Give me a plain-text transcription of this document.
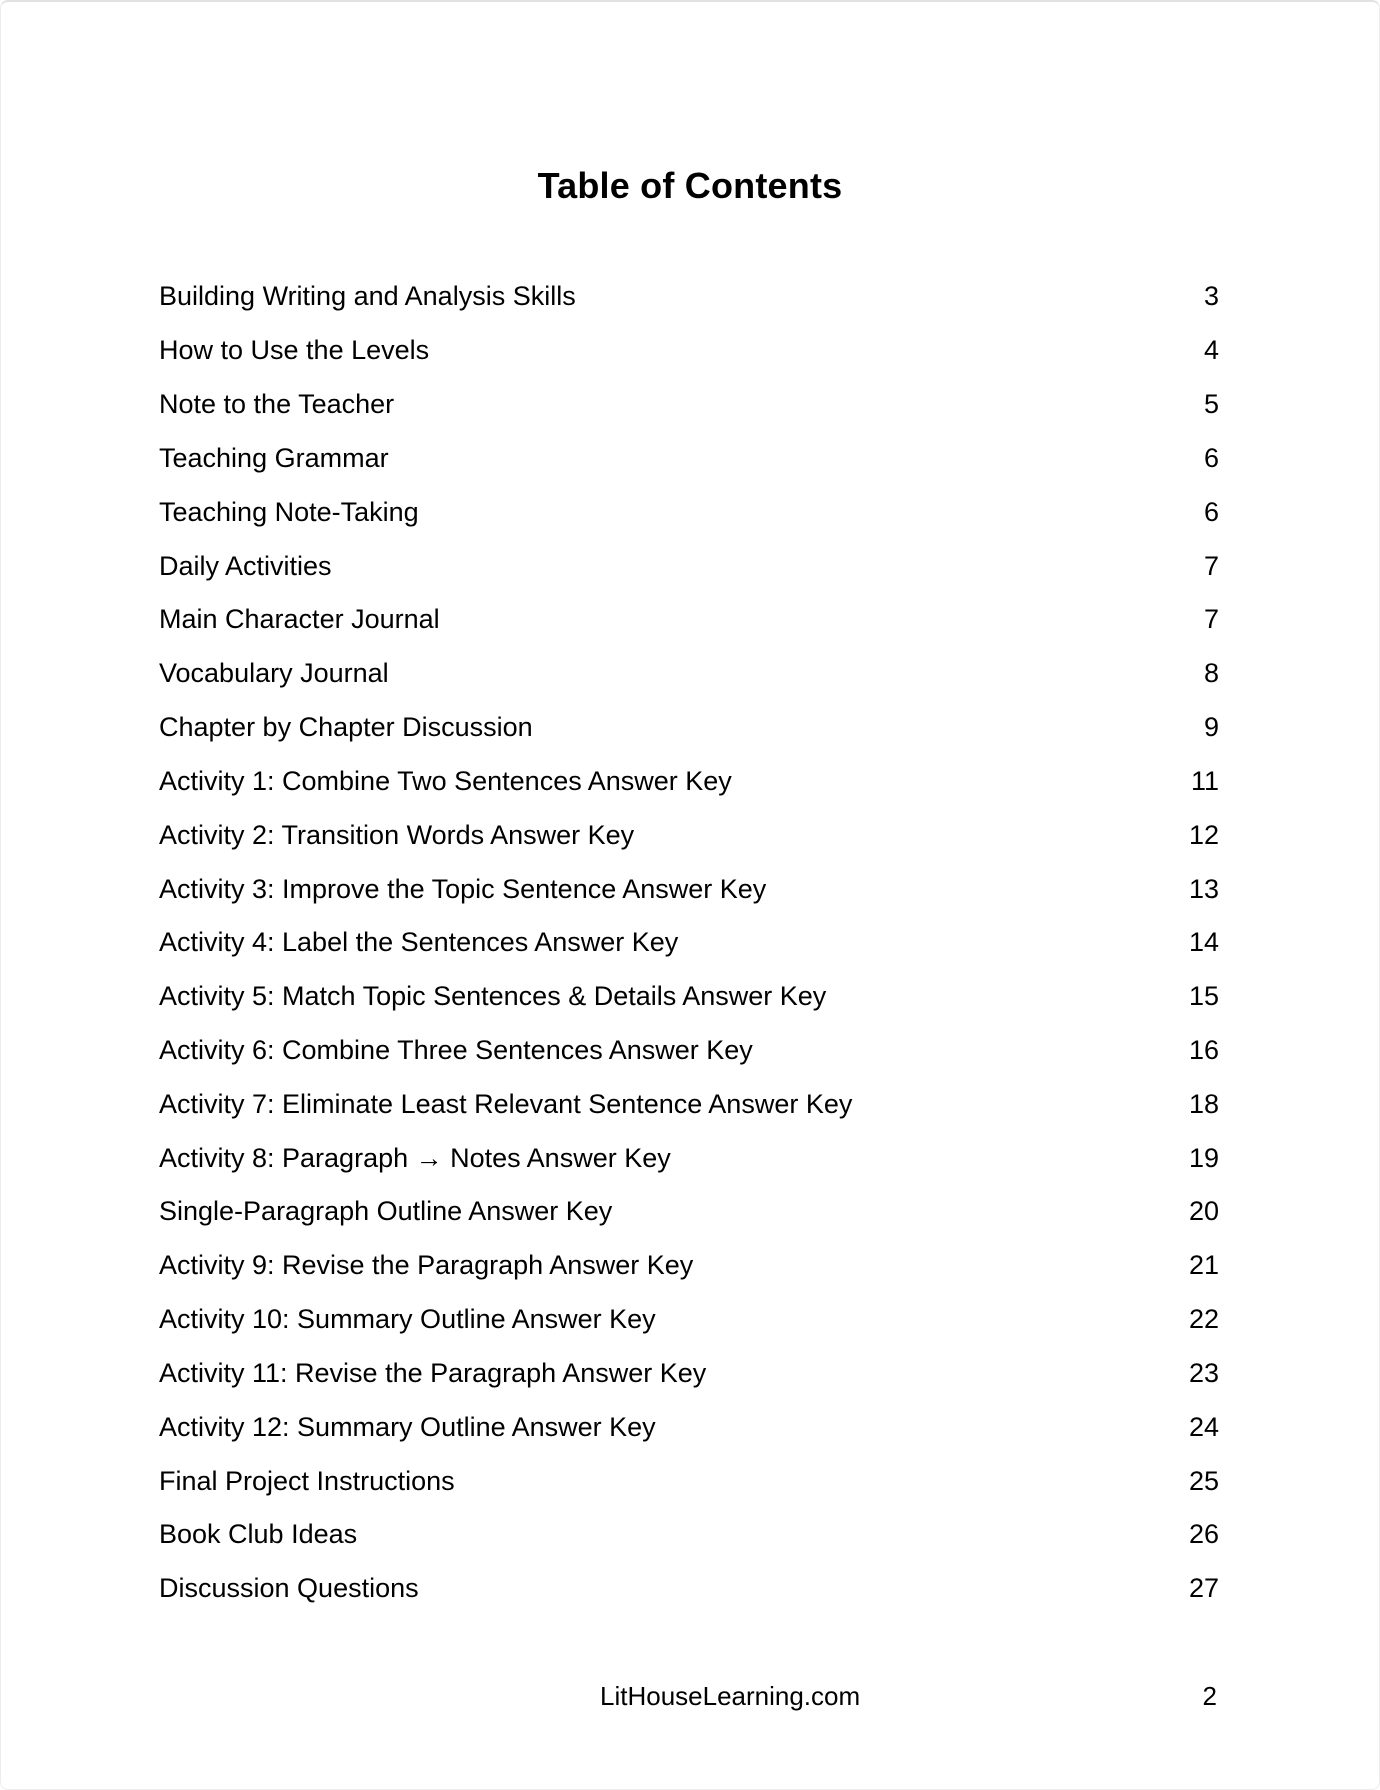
Table of Contents
Building Writing and Analysis Skills	3
How to Use the Levels	4
Note to the Teacher	5
Teaching Grammar	6
Teaching Note-Taking	6
Daily Activities	7
Main Character Journal	7
Vocabulary Journal	8
Chapter by Chapter Discussion	9
Activity 1: Combine Two Sentences Answer Key	11
Activity 2: Transition Words Answer Key	12
Activity 3: Improve the Topic Sentence Answer Key	13
Activity 4: Label the Sentences Answer Key	14
Activity 5: Match Topic Sentences & Details Answer Key	15
Activity 6: Combine Three Sentences Answer Key	16
Activity 7: Eliminate Least Relevant Sentence Answer Key	18
Activity 8: Paragraph → Notes Answer Key	19
Single-Paragraph Outline Answer Key	20
Activity 9: Revise the Paragraph Answer Key	21
Activity 10: Summary Outline Answer Key	22
Activity 11: Revise the Paragraph Answer Key	23
Activity 12: Summary Outline Answer Key	24
Final Project Instructions	25
Book Club Ideas	26
Discussion Questions	27
LitHouseLearning.com	2
